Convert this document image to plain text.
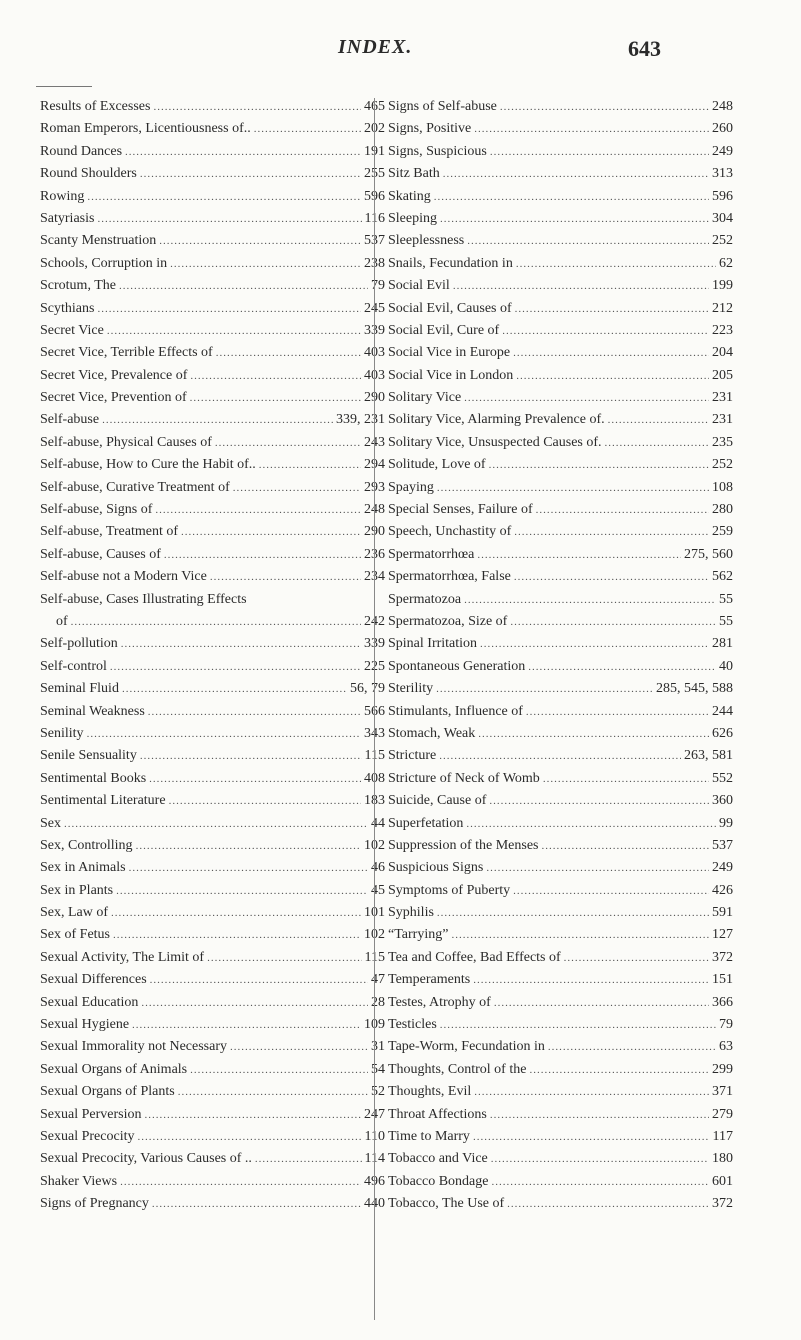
INDEX.	643
Results of Excesses .....	465
Roman Emperors, Licentiousness of.. .....	202
Round Dances .....	191
Round Shoulders .....	255
Rowing .....	596
Satyriasis .....	116
Scanty Menstruation .....	537
Schools, Corruption in .....	238
Scrotum, The .....	79
Scythians .....	245
Secret Vice .....	339
Secret Vice, Terrible Effects of .....	403
Secret Vice, Prevalence of .....	403
Secret Vice, Prevention of .....	290
Self-abuse .....	339, 231
Self-abuse, Physical Causes of .....	243
Self-abuse, How to Cure the Habit of.. .....	294
Self-abuse, Curative Treatment of .....	293
Self-abuse, Signs of .....	248
Self-abuse, Treatment of .....	290
Self-abuse, Causes of .....	236
Self-abuse not a Modern Vice .....	234
Self-abuse, Cases Illustrating Effects
of .....	242
Self-pollution .....	339
Self-control .....	225
Seminal Fluid .....	56, 79
Seminal Weakness .....	566
Senility .....	343
Senile Sensuality .....	115
Sentimental Books .....	408
Sentimental Literature .....	183
Sex .....	44
Sex, Controlling .....	102
Sex in Animals .....	46
Sex in Plants .....	45
Sex, Law of .....	101
Sex of Fetus .....	102
Sexual Activity, The Limit of .....	115
Sexual Differences .....	47
Sexual Education .....	28
Sexual Hygiene .....	109
Sexual Immorality not Necessary .....	31
Sexual Organs of Animals .....	54
Sexual Organs of Plants .....	52
Sexual Perversion .....	247
Sexual Precocity .....	110
Sexual Precocity, Various Causes of .. .....	114
Shaker Views .....	496
Signs of Pregnancy .....	440
Signs of Self-abuse .....	248
Signs, Positive .....	260
Signs, Suspicious .....	249
Sitz Bath .....	313
Skating .....	596
Sleeping .....	304
Sleeplessness .....	252
Snails, Fecundation in .....	62
Social Evil .....	199
Social Evil, Causes of .....	212
Social Evil, Cure of .....	223
Social Vice in Europe .....	204
Social Vice in London .....	205
Solitary Vice .....	231
Solitary Vice, Alarming Prevalence of. .....	231
Solitary Vice, Unsuspected Causes of. .....	235
Solitude, Love of .....	252
Spaying .....	108
Special Senses, Failure of .....	280
Speech, Unchastity of .....	259
Spermatorrhœa .....	275, 560
Spermatorrhœa, False .....	562
Spermatozoa .....	55
Spermatozoa, Size of .....	55
Spinal Irritation .....	281
Spontaneous Generation .....	40
Sterility .....	285, 545, 588
Stimulants, Influence of .....	244
Stomach, Weak .....	626
Stricture .....	263, 581
Stricture of Neck of Womb .....	552
Suicide, Cause of .....	360
Superfetation .....	99
Suppression of the Menses .....	537
Suspicious Signs .....	249
Symptoms of Puberty .....	426
Syphilis .....	591
“Tarrying” .....	127
Tea and Coffee, Bad Effects of .....	372
Temperaments .....	151
Testes, Atrophy of .....	366
Testicles .....	79
Tape-Worm, Fecundation in .....	63
Thoughts, Control of the .....	299
Thoughts, Evil .....	371
Throat Affections .....	279
Time to Marry .....	117
Tobacco and Vice .....	180
Tobacco Bondage .....	601
Tobacco, The Use of .....	372
